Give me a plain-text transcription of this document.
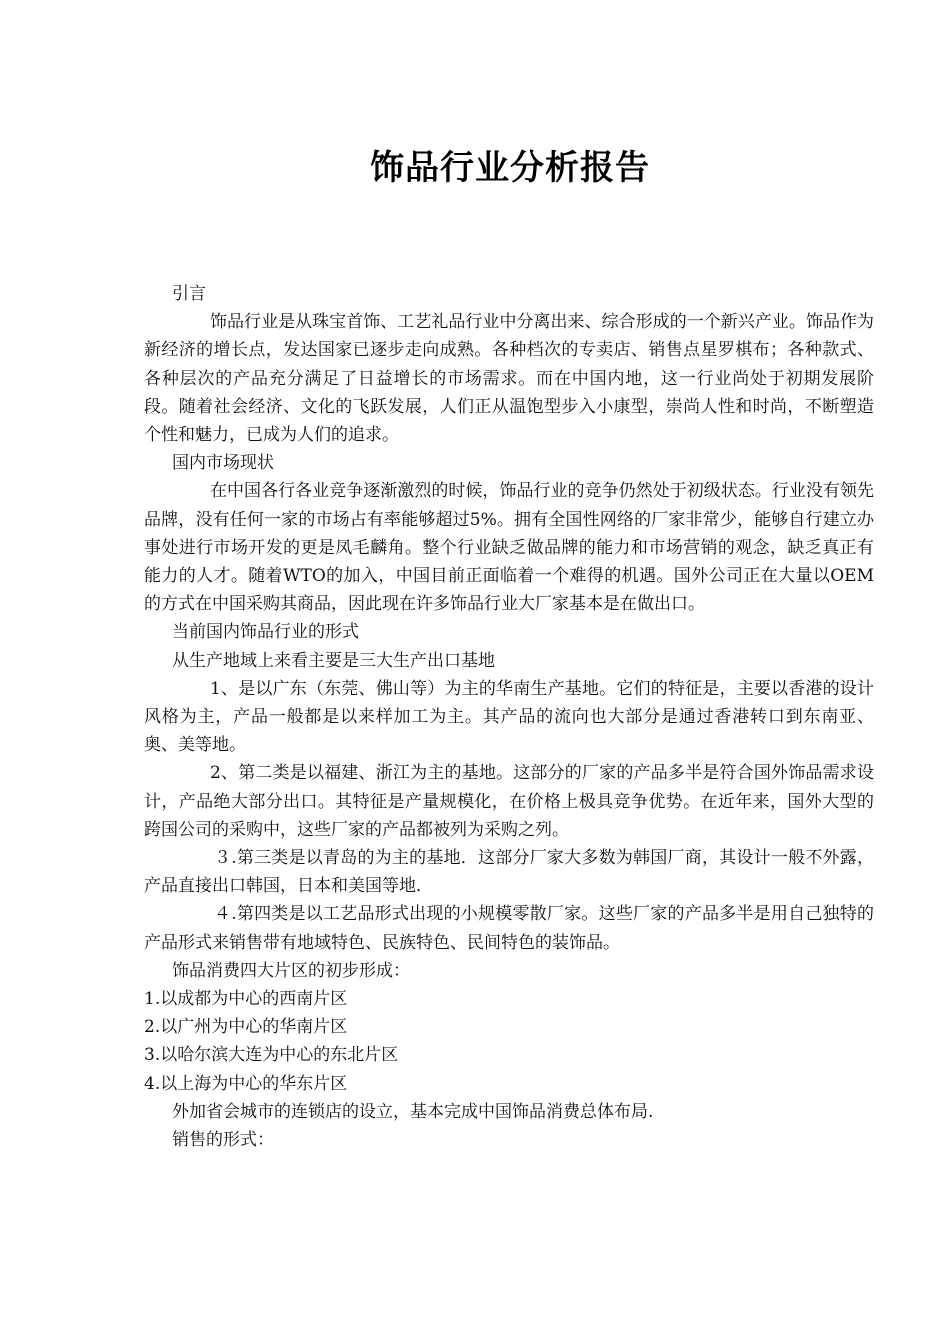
饰品行业分析报告

引言

饰品行业是从珠宝首饰、工艺礼品行业中分离出来、综合形成的一个新兴产业。饰品作为新经济的增长点，发达国家已逐步走向成熟。各种档次的专卖店、销售点星罗棋布；各种款式、各种层次的产品充分满足了日益增长的市场需求。而在中国内地，这一行业尚处于初期发展阶段。随着社会经济、文化的飞跃发展，人们正从温饱型步入小康型，崇尚人性和时尚，不断塑造个性和魅力，已成为人们的追求。

国内市场现状

在中国各行各业竞争逐渐激烈的时候，饰品行业的竞争仍然处于初级状态。行业没有领先品牌，没有任何一家的市场占有率能够超过5%。拥有全国性网络的厂家非常少，能够自行建立办事处进行市场开发的更是凤毛麟角。整个行业缺乏做品牌的能力和市场营销的观念，缺乏真正有能力的人才。随着WTO的加入，中国目前正面临着一个难得的机遇。国外公司正在大量以OEM的方式在中国采购其商品，因此现在许多饰品行业大厂家基本是在做出口。

当前国内饰品行业的形式

从生产地域上来看主要是三大生产出口基地

1、是以广东（东莞、佛山等）为主的华南生产基地。它们的特征是，主要以香港的设计风格为主，产品一般都是以来样加工为主。其产品的流向也大部分是通过香港转口到东南亚、奥、美等地。

2、第二类是以福建、浙江为主的基地。这部分的厂家的产品多半是符合国外饰品需求设计，产品绝大部分出口。其特征是产量规模化，在价格上极具竞争优势。在近年来，国外大型的跨国公司的采购中，这些厂家的产品都被列为采购之列。

３.第三类是以青岛的为主的基地．这部分厂家大多数为韩国厂商，其设计一般不外露，产品直接出口韩国，日本和美国等地．

４.第四类是以工艺品形式出现的小规模零散厂家。这些厂家的产品多半是用自己独特的产品形式来销售带有地域特色、民族特色、民间特色的装饰品。

饰品消费四大片区的初步形成：

1.以成都为中心的西南片区

2.以广州为中心的华南片区

3.以哈尔滨大连为中心的东北片区

4.以上海为中心的华东片区

外加省会城市的连锁店的设立，基本完成中国饰品消费总体布局.

销售的形式：
